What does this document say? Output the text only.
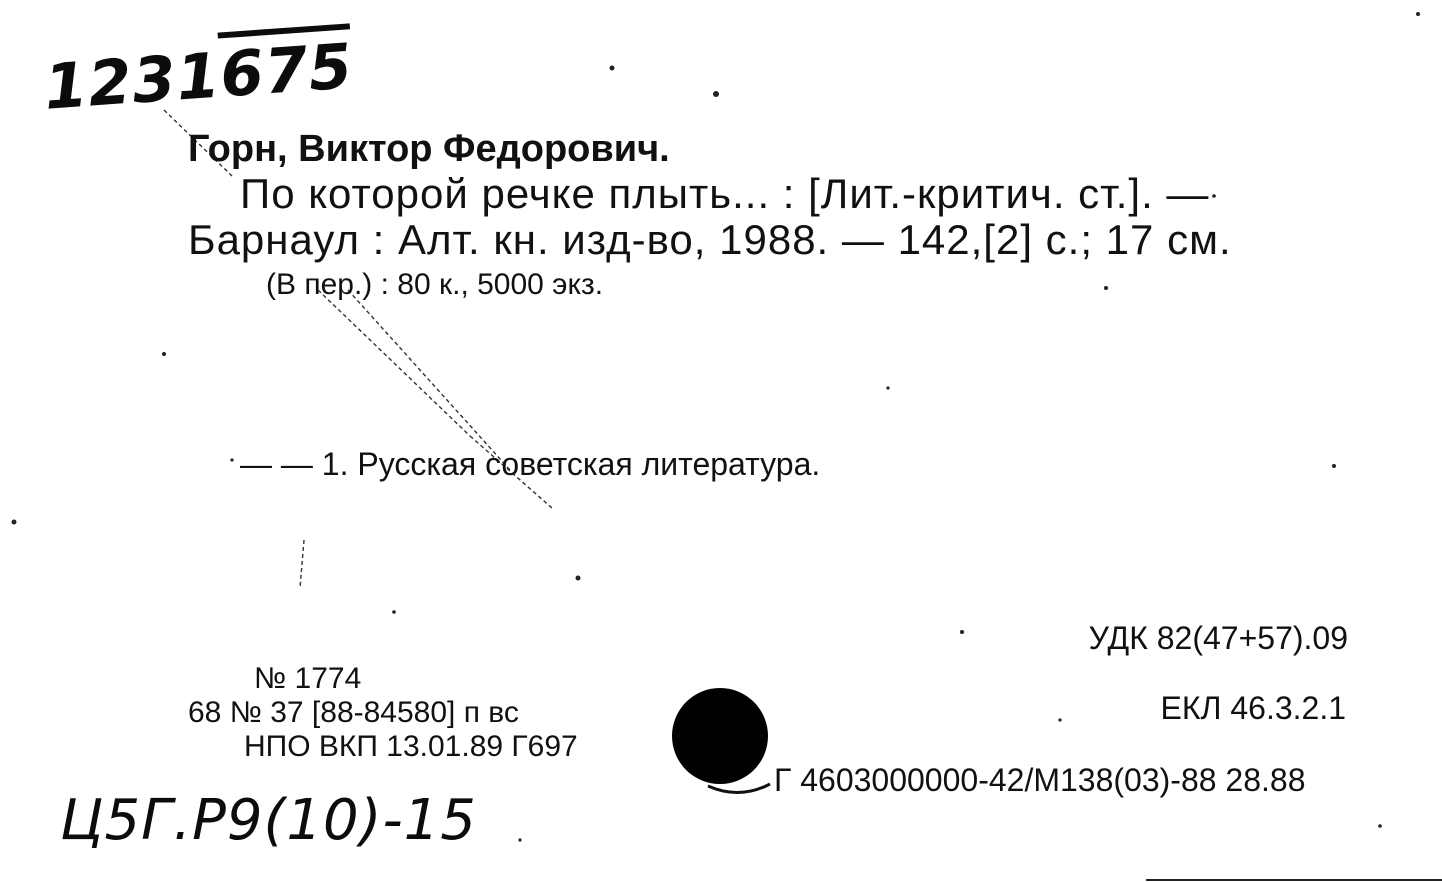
1231675
Горн, Виктор Федорович.
По которой речке плыть... : [Лит.-критич. ст.]. —
Барнаул : Алт. кн. изд-во, 1988. — 142,[2] с.; 17 см.
(В пер.) : 80 к., 5000 экз.
— — 1. Русская советская литература.
УДК 82(47+57).09
ЕКЛ 46.3.2.1
№ 1774
68 № 37 [88-84580] п вс
НПО ВКП 13.01.89 Г697
Г 4603000000-42/М138(03)-88 28.88
Ц5Г.Р9(10)-15
